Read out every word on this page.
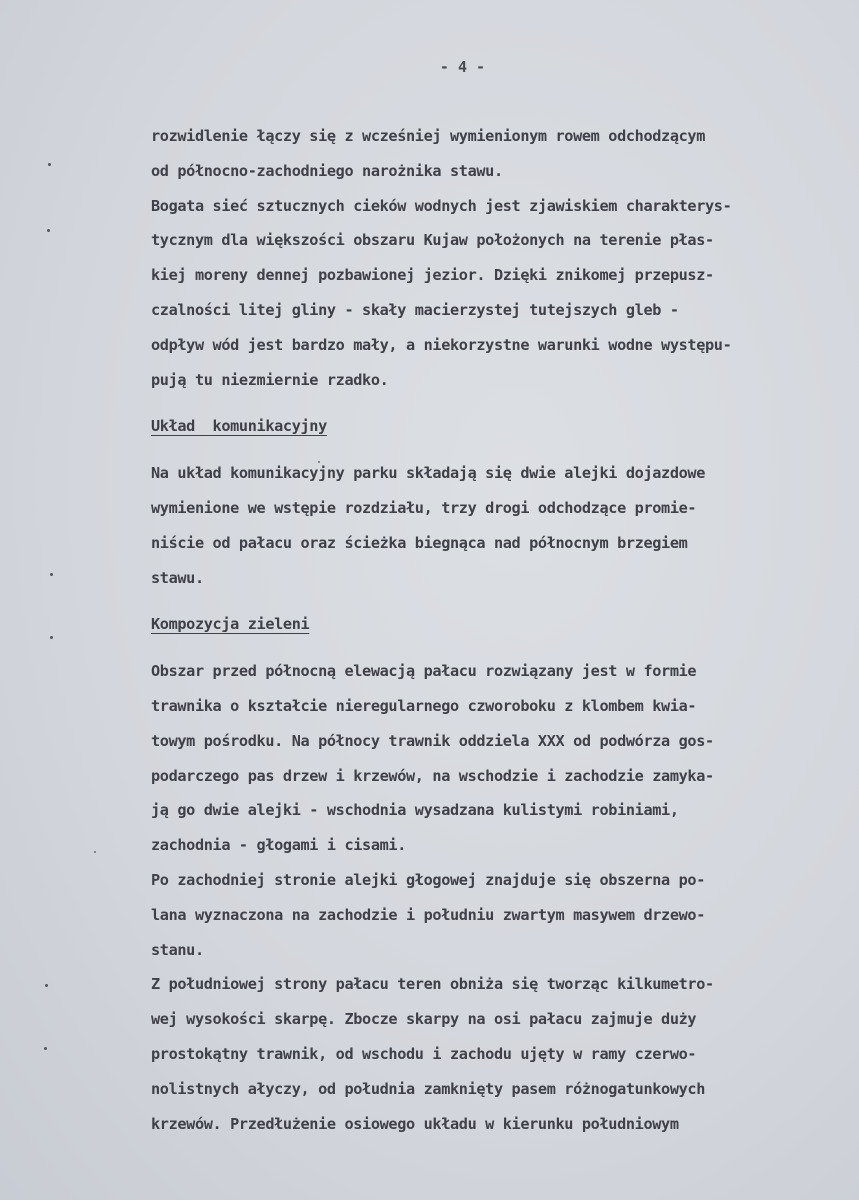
- 4 -
rozwidlenie łączy się z wcześniej wymienionym rowem odchodzącym
od północno-zachodniego narożnika stawu.
Bogata sieć sztucznych cieków wodnych jest zjawiskiem charakterys-
tycznym dla większości obszaru Kujaw położonych na terenie płas-
kiej moreny dennej pozbawionej jezior. Dzięki znikomej przepusz-
czalności litej gliny - skały macierzystej tutejszych gleb -
odpływ wód jest bardzo mały, a niekorzystne warunki wodne występu-
pują tu niezmiernie rzadko.
Układ  komunikacyjny
Na układ komunikacyjny parku składają się dwie alejki dojazdowe
wymienione we wstępie rozdziału, trzy drogi odchodzące promie-
niście od pałacu oraz ścieżka biegnąca nad północnym brzegiem
stawu.
Kompozycja zieleni
Obszar przed północną elewacją pałacu rozwiązany jest w formie
trawnika o kształcie nieregularnego czworoboku z klombem kwia-
towym pośrodku. Na północy trawnik oddziela XXX od podwórza gos-
podarczego pas drzew i krzewów, na wschodzie i zachodzie zamyka-
ją go dwie alejki - wschodnia wysadzana kulistymi robiniami,
zachodnia - głogami i cisami.
Po zachodniej stronie alejki głogowej znajduje się obszerna po-
lana wyznaczona na zachodzie i południu zwartym masywem drzewo-
stanu.
Z południowej strony pałacu teren obniża się tworząc kilkumetro-
wej wysokości skarpę. Zbocze skarpy na osi pałacu zajmuje duży
prostokątny trawnik, od wschodu i zachodu ujęty w ramy czerwo-
nolistnych ałyczy, od południa zamknięty pasem różnogatunkowych
krzewów. Przedłużenie osiowego układu w kierunku południowym
